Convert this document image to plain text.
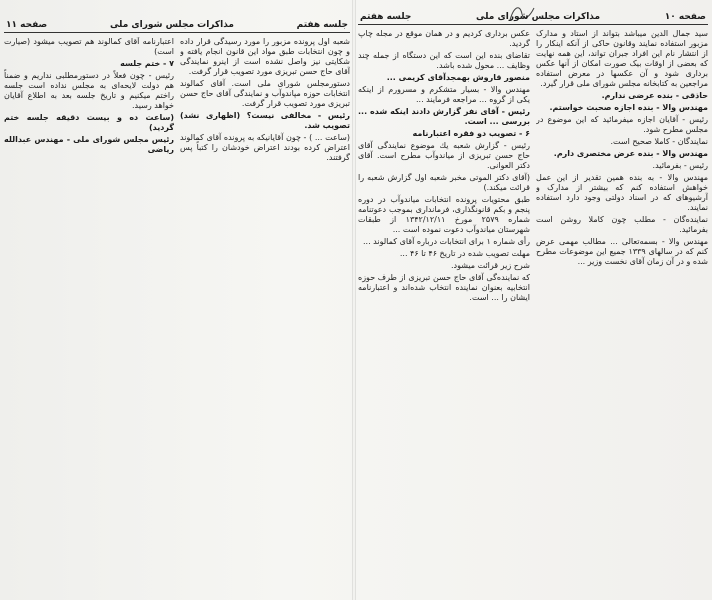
جلسه هفتم
مذاکرات مجلس شورای ملی
صفحه ۱۱

شعبه اول پرونده مزبور را مورد رسیدگی قرار داده و چون انتخابات طبق مواد این قانون انجام یافته و شکایتی نیز واصل نشده است از اینرو نمایندگی آقای حاج حسن تبریزی مورد تصویب قرار گرفت.

دستورمجلس شورای ملی است. آقای کمالوند انتخابات حوزه مپاندوآب و نمایندگی آقای حاج حسن تبریزی مورد تصویب قرار گرفت.

رئیس - مخالفی نیست؟ (اظهاری نشد) تصویب شد.

(ساعت ... ) - چون آقایانیکه به پرونده آقای کمالوند اعتراض کرده بودند اعتراض خودشان را کتباً پس گرفتند.

اعتبارنامه آقای کمالوند هم تصویب میشود (صیارت است)

۷ - ختم جلسه

رئیس - چون فعلاً در دستورمطلبی نداریم و ضمناً هم دولت لایحه‌ای به مجلس نداده است جلسه راختم میکنیم و تاریخ جلسه بعد به اطلاع آقایان خواهد رسید.

(ساعت ده و بیست دقیقه جلسه ختم گردید)

رئیس مجلس شورای ملی - مهندس عبدالله ریاضی

صفحه ۱۰
مذاکرات مجلس شورای ملی
جلسه هفتم

سید جمال الدین میباشد بتواند از استاد و مدارک مزبور استفاده نمایند وقانون حاکی از آنکه اینکار را از انتشار نام این افراد جبران تواند، این همه نهایت که بعضی از اوقات بیک صورت امکان از آنها عکس برداری شود و آن عکسها در معرض استفاده مراجعین به کتابخانه مجلس شورای ملی قرار گیرد.

حاذقی - بنده عرضی ندارم.

مهندس والا - بنده اجازه صحبت خواستم.

رئیس - آقایان اجازه میفرمائید که این موضوع در مجلس مطرح شود.

نمایندگان - کاملا صحیح است.

مهندس والا - بنده عرض مختصری دارم.

رئیس - بفرمائید.

مهندس والا - به بنده همین تقدیر از این عمل خواهش استفاده کنم که بیشتر از مدارک و آرشیوهای که در اسناد دولتی وجود دارد استفاده نمایند.

نماینده‌گان - مطلب چون کاملا روشن است بفرمائید.

مهندس والا - بسمه‌تعالی ... مطالب مهمی عرض کنم که در سالهای ۱۳۳۹ جمیع این موضوعات مطرح شده و در آن زمان آقای نخست وزیر ...

عکس برداری کردیم و در همان موقع در مجله چاپ گردید.

تقاضای بنده این است که این دستگاه از جمله چند وظایف ... محول شده باشد.

منصور قاروش بهمجدآقای کریمی ...

مهندس والا - بسیار متشکرم و مسرورم از اینکه یکی از گروه ... مراجعه فرمایند ...

رئیس - آقای نفر گزارش دادند اینکه شده ... بررسی ... است.

۶ - تصویب دو فقره اعتبارنامه

رئیس - گزارش شعبه یك موضوع نمایندگی آقای حاج حسن تبریزی از میاندوآب مطرح است. آقای دکتر العوانی.

(آقای دکتر الموتی مخبر شعبه اول گزارش شعبه را قرائت میکند.)

طبق محتويات پرونده انتخابات میاندوآب در دوره پنجم و بکم قانونگذاری، فرمانداری بموجب دعوتنامه شماره ۲۵۷۹ مورخ ۱۳۴۲/۱۲/۱۱ از طبقات شهرستان میاندوآب دعوت نموده است ...

رأی شماره ۱ برای انتخابات درباره آقای کمالوند ...

مهلت تصویب شده در تاریخ ۴۶ تا ۴۶ ...

شرح زیر قرائت میشود.

که نماینده‌گی آقای حاج حسن تبریزی از طرف حوزه انتخابیه بعنوان نماینده انتخاب شده‌اند و اعتبارنامه ایشان را ... است.
